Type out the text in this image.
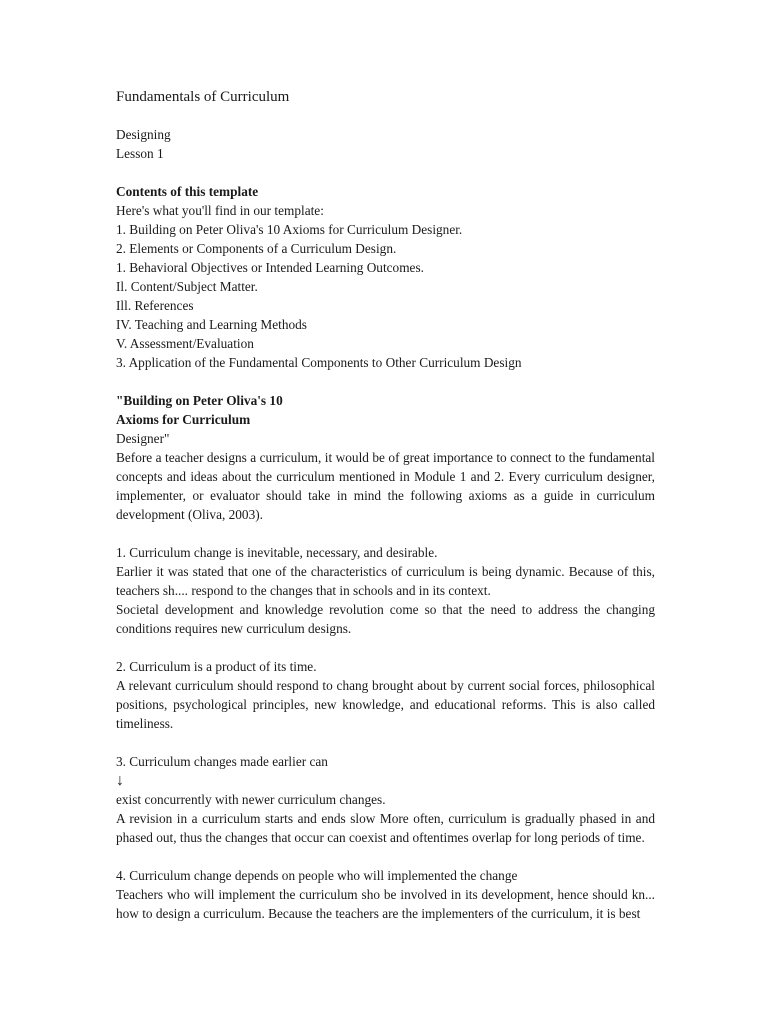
Fundamentals of Curriculum
Designing
Lesson 1
Contents of this template
Here's what you'll find in our template:
1. Building on Peter Oliva's 10 Axioms for Curriculum Designer.
2. Elements or Components of a Curriculum Design.
1. Behavioral Objectives or Intended Learning Outcomes.
Il. Content/Subject Matter.
Ill. References
IV. Teaching and Learning Methods
V. Assessment/Evaluation
3. Application of the Fundamental Components to Other Curriculum Design
"Building on Peter Oliva's 10
Axioms for Curriculum
Designer"
Before a teacher designs a curriculum, it would be of great importance to connect to the fundamental concepts and ideas about the curriculum mentioned in Module 1 and 2. Every curriculum designer, implementer, or evaluator should take in mind the following axioms as a guide in curriculum development (Oliva, 2003).
1. Curriculum change is inevitable, necessary, and desirable.
Earlier it was stated that one of the characteristics of curriculum is being dynamic. Because of this, teachers sh.... respond to the changes that in schools and in its context.
Societal development and knowledge revolution come so that the need to address the changing conditions requires new curriculum designs.
2. Curriculum is a product of its time.
A relevant curriculum should respond to chang brought about by current social forces, philosophical positions, psychological principles, new knowledge, and educational reforms. This is also called timeliness.
3. Curriculum changes made earlier can
↓
exist concurrently with newer curriculum changes.
A revision in a curriculum starts and ends slow More often, curriculum is gradually phased in and phased out, thus the changes that occur can coexist and oftentimes overlap for long periods of time.
4. Curriculum change depends on people who will implemented the change
Teachers who will implement the curriculum sho be involved in its development, hence should kn... how to design a curriculum. Because the teachers are the implementers of the curriculum, it is best
